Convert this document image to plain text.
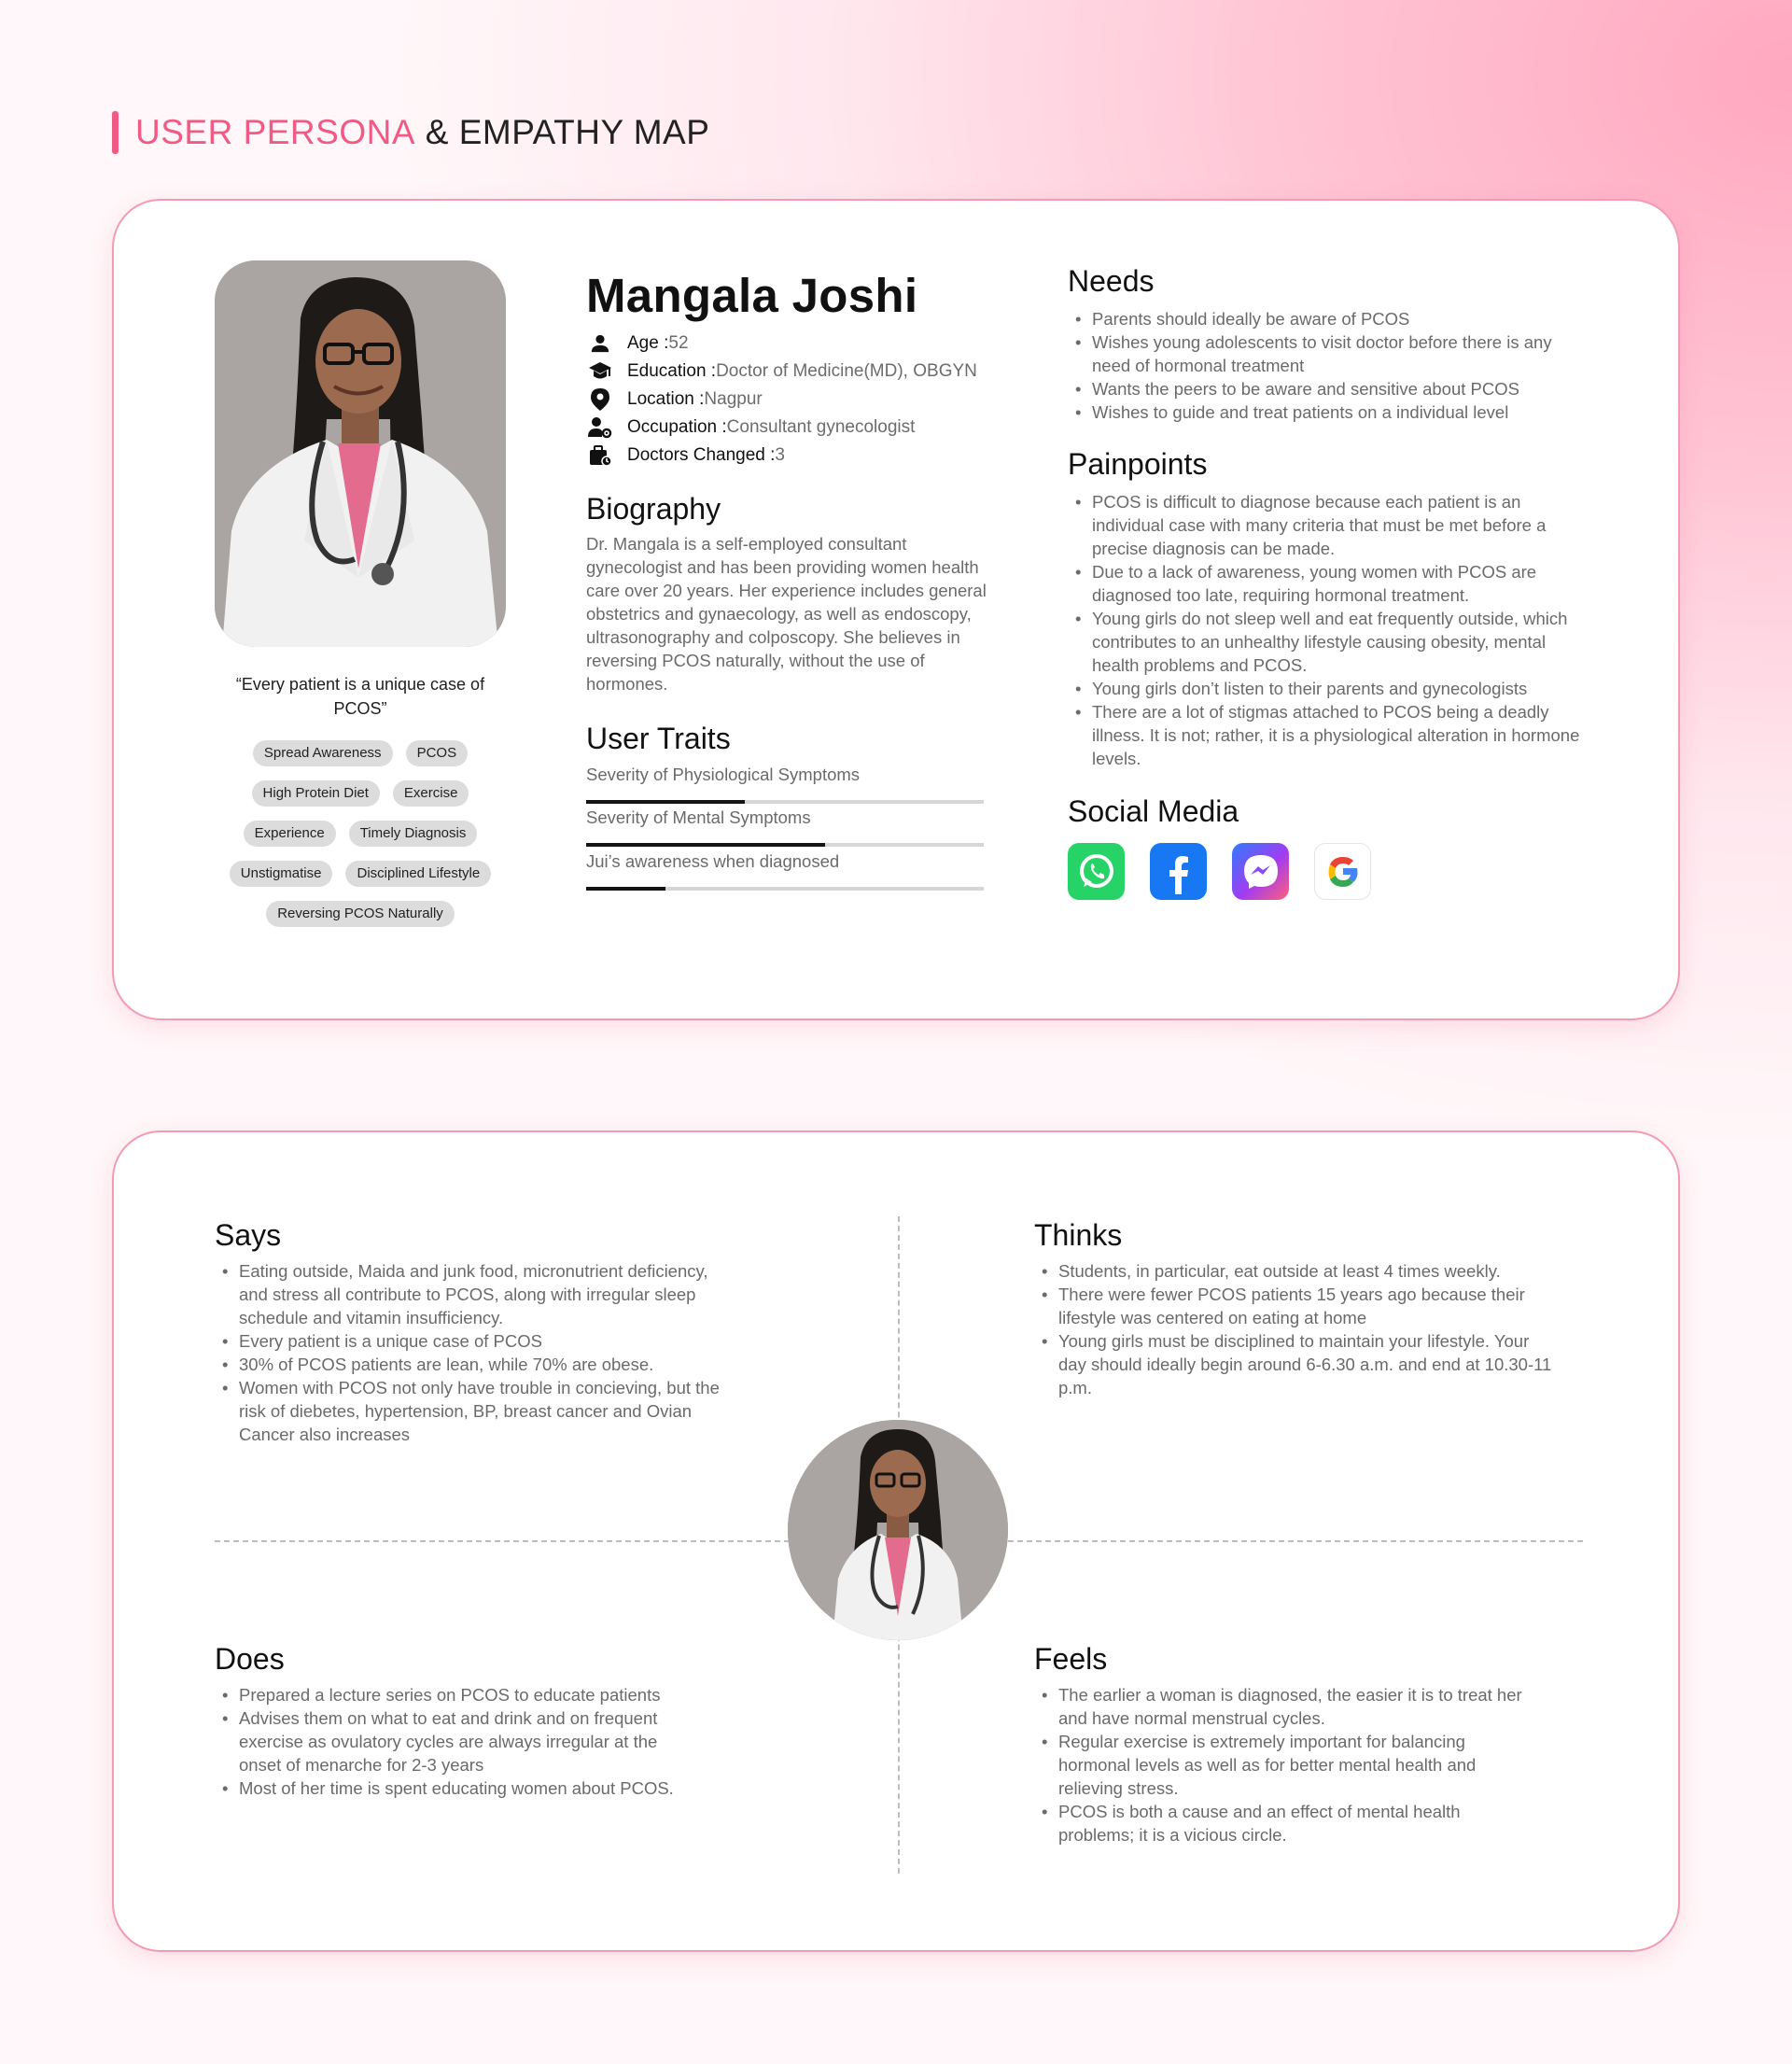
USER PERSONA & EMPATHY MAP
“Every patient is a unique case of PCOS”
Spread Awareness	PCOS
High Protein Diet	Exercise
Experience	Timely Diagnosis
Unstigmatise	Disciplined Lifestyle
Reversing PCOS Naturally
Mangala Joshi
Age : 52
Education : Doctor of Medicine(MD), OBGYN
Location : Nagpur
Occupation : Consultant gynecologist
Doctors Changed : 3
Biography
Dr. Mangala is a self-employed consultant gynecologist and has been providing women health care over 20 years. Her experience includes general obstetrics and gynaecology, as well as endoscopy, ultrasonography and colposcopy. She believes in reversing PCOS naturally, without the use of hormones.
User Traits
Severity of Physiological Symptoms
Severity of Mental Symptoms
Jui’s awareness when diagnosed
Needs
• Parents should ideally be aware of PCOS
• Wishes young adolescents to visit doctor before there is any need of hormonal treatment
• Wants the peers to be aware and sensitive about PCOS
• Wishes to guide and treat patients on a individual level
Painpoints
• PCOS is difficult to diagnose because each patient is an individual case with many criteria that must be met before a precise diagnosis can be made.
• Due to a lack of awareness, young women with PCOS are diagnosed too late, requiring hormonal treatment.
• Young girls do not sleep well and eat frequently outside, which contributes to an unhealthy lifestyle causing obesity, mental health problems and PCOS.
• Young girls don’t listen to their parents and gynecologists
• There are a lot of stigmas attached to PCOS being a deadly illness. It is not; rather, it is a physiological alteration in hormone levels.
Social Media
Says
• Eating outside, Maida and junk food, micronutrient deficiency, and stress all contribute to PCOS, along with irregular sleep schedule and vitamin insufficiency.
• Every patient is a unique case of PCOS
• 30% of PCOS patients are lean, while 70% are obese.
• Women with PCOS not only have trouble in concieving, but the risk of diebetes, hypertension, BP, breast cancer and Ovian Cancer also increases
Thinks
• Students, in particular, eat outside at least 4 times weekly.
• There were fewer PCOS patients 15 years ago because their lifestyle was centered on eating at home
• Young girls must be disciplined to maintain your lifestyle. Your day should ideally begin around 6-6.30 a.m. and end at 10.30-11 p.m.
Does
• Prepared a lecture series on PCOS to educate patients
• Advises them on what to eat and drink and on frequent exercise as ovulatory cycles are always irregular at the onset of menarche for 2-3 years
• Most of her time is spent educating women about PCOS.
Feels
• The earlier a woman is diagnosed, the easier it is to treat her and have normal menstrual cycles.
• Regular exercise is extremely important for balancing hormonal levels as well as for better mental health and relieving stress.
• PCOS is both a cause and an effect of mental health problems; it is a vicious circle.
